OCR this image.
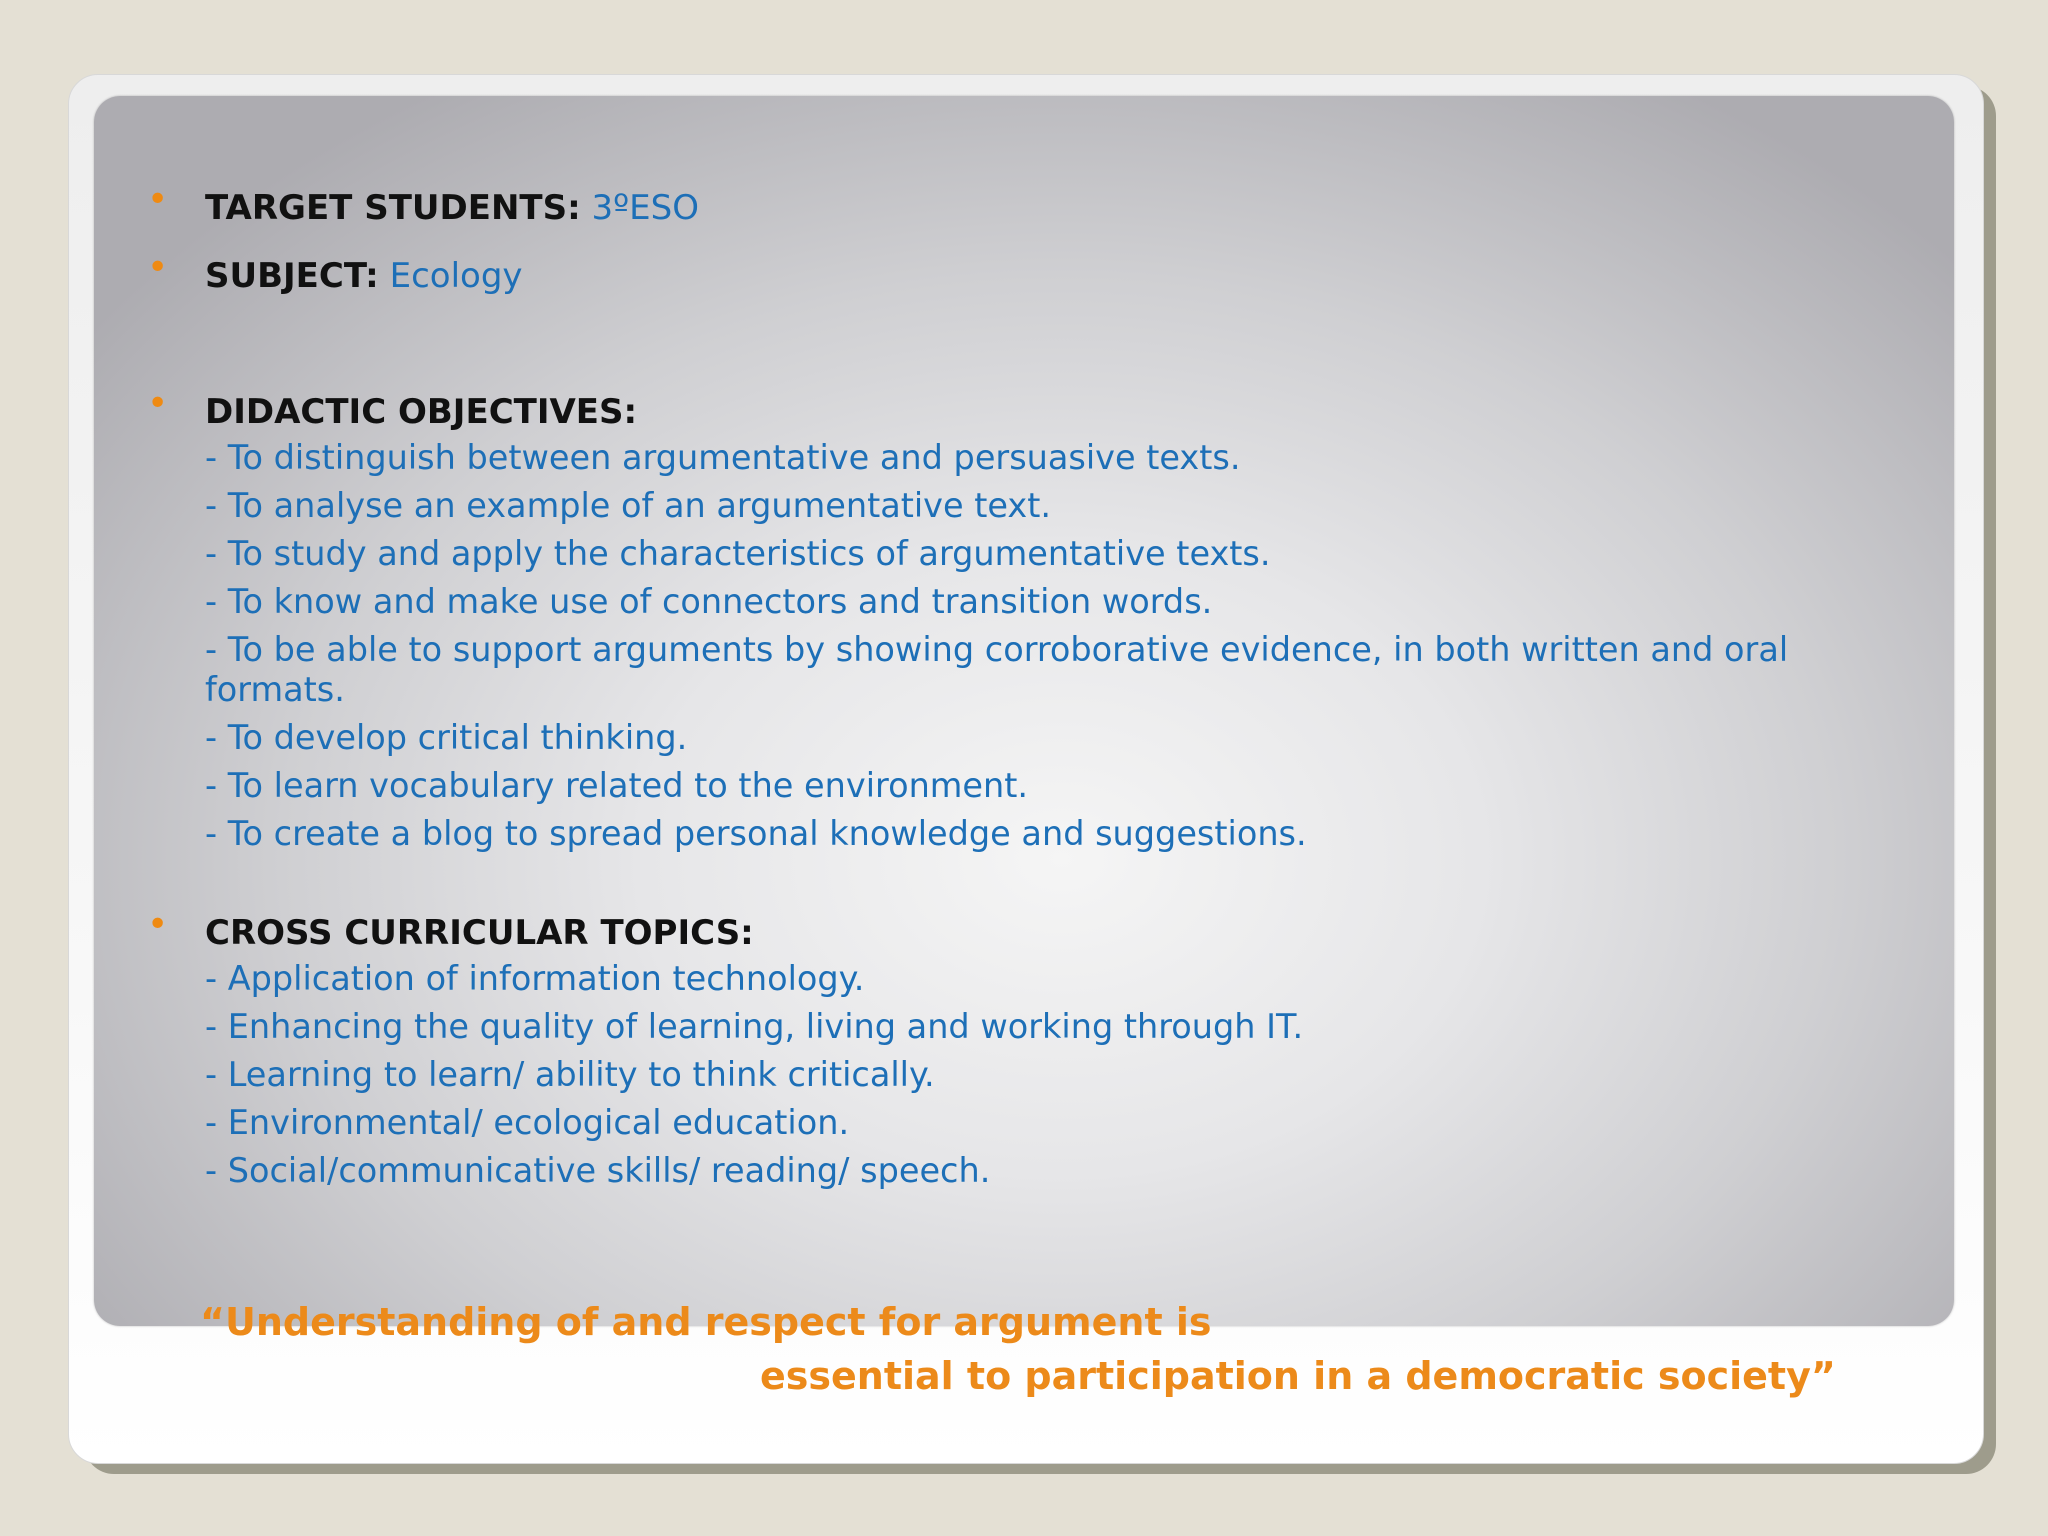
• TARGET STUDENTS: 3ºESO
• SUBJECT: Ecology
• DIDACTIC OBJECTIVES:
- To distinguish between argumentative and persuasive texts.
- To analyse an example of an argumentative text.
- To study and apply the characteristics of argumentative texts.
- To know and make use of connectors and transition words.
- To be able to support arguments by showing corroborative evidence, in both written and oral formats.
- To develop critical thinking.
- To learn vocabulary related to the environment.
- To create a blog to spread personal knowledge and suggestions.
• CROSS CURRICULAR TOPICS:
- Application of information technology.
- Enhancing the quality of learning, living and working through IT.
- Learning to learn/ ability to think critically.
- Environmental/ ecological education.
- Social/communicative skills/ reading/ speech.
“Understanding of and respect for argument is
essential to participation in a democratic society”
